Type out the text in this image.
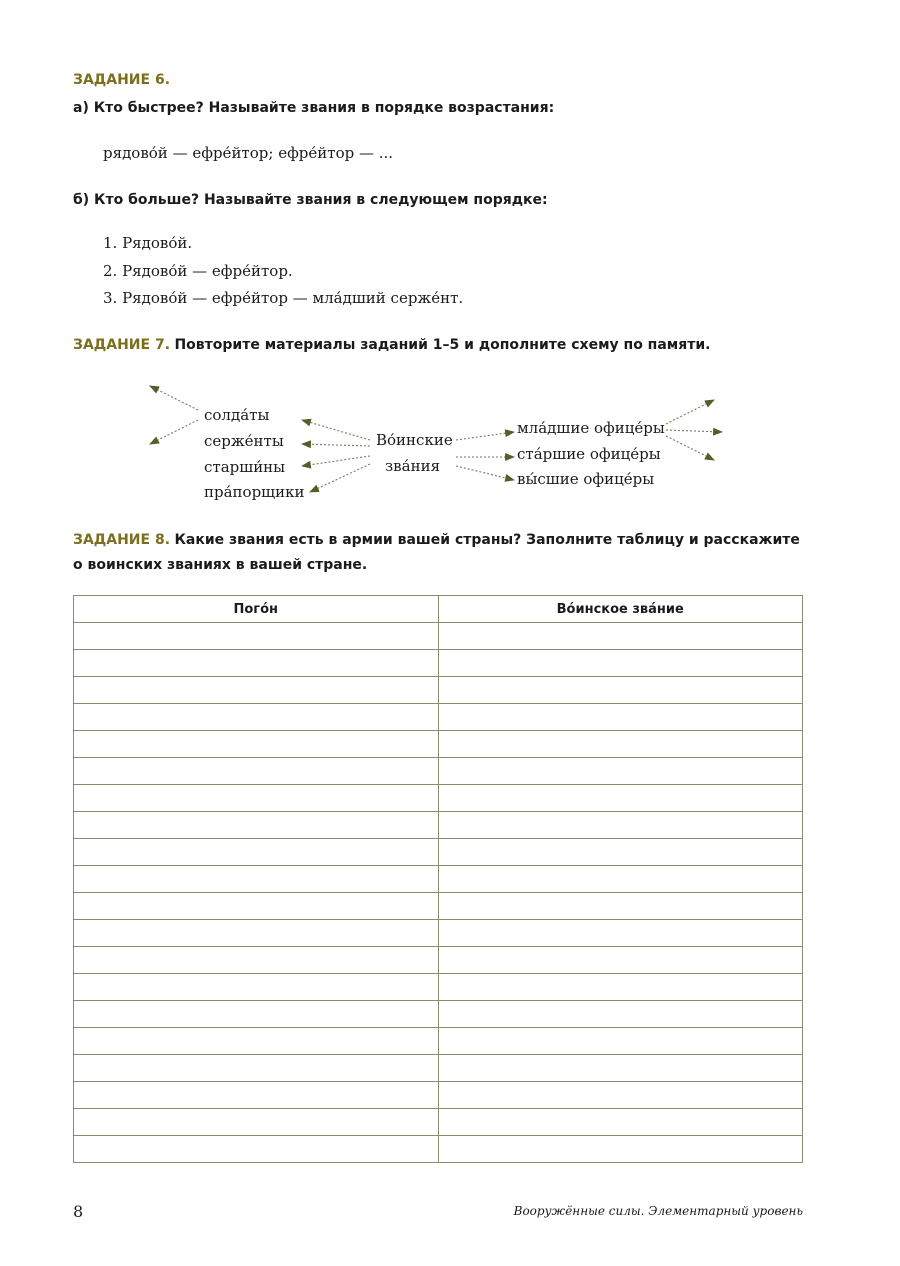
ЗАДАНИЕ 6.
а) Кто быстрее? Называйте звания в порядке возрастания:
рядово́й — ефре́йтор; ефре́йтор — ...
б) Кто больше? Называйте звания в следующем порядке:
1. Рядово́й.
2. Рядово́й — ефре́йтор.
3. Рядово́й — ефре́йтор — мла́дший серже́нт.
ЗАДАНИЕ 7. Повторите материалы заданий 1–5 и дополните схему по памяти.
солда́ты
серже́нты
старши́ны
пра́порщики
Во́инские
зва́ния
мла́дшие офице́ры
ста́ршие офице́ры
вы́сшие офице́ры
ЗАДАНИЕ 8. Какие звания есть в армии вашей страны? Заполните таблицу и расскажите
о воинских званиях в вашей стране.
Пого́н	Во́инское зва́ние

8	Вооружённые силы. Элементарный уровень
